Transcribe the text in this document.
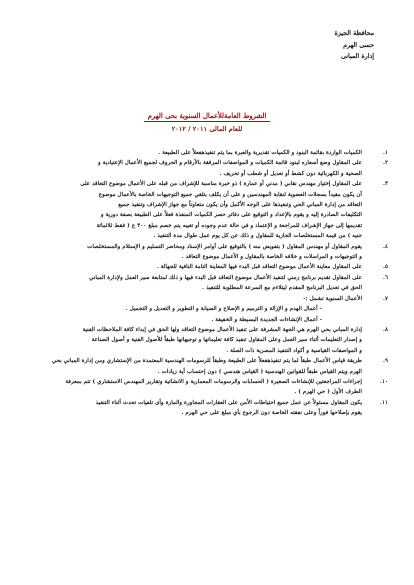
محافظة الجيزة
حسى الهرم
إدارة المبانى
الشروط العامةللأعمال السنوية بحى الهرم
للعام المالى ٢٠١١ / ٢٠١٢
١.
الكميات الواردة بقائمة البنود و الكميات تقديرية والعبرة بما يتم تنفيذهفعلاً على الطبيعة .
٢.
على المقاول وضع أسعاره لبنود قائمة الكميات و المواصفات المرفقة بالأرقام و الحروف لجميع الأعمال الإعتيادية و
الصحية و الكهربائية دون كشط أو تعديل أو شطب أو تحريف .
٣.
على المقاول إختيار مهندس نقابي ( مدني أو عمارة ) ذو خبرة مناسبة للإشراف من قبله على الأعمال موضوع التعاقد على
أن يكون مقيداً بسجلات العضوية لنقابة المهندسين و على أن يكلف بتلقي جميع التوجيهات الخاصة بالأعمال موضوع
التعاقد من إدارة المباني الحي وتنفيذها على الوجه الأكمل وأن يكون متعاوناً مع جهاز الإشراف وتنفيذ جميع
التكليفات الصادرة إليه و يقوم بالإعداد و التوقيع على دفاتر حصر الكميات المنفذة فعلاً على الطبيعة بصفة دورية و
تقديمها إلى جهاز الإشراف للمراجعة و الإعتماد و في حالة عدم وجوده أو تغيبه يتم خصم مبلغ ٣٠٠ ج ( فقط ثلاثمائة
جنيه ) من قيمة المستخلصات الجارية للمقاول و ذلك عن كل يوم عمل طوال مدة التنفيذ .
٤.
يقوم المقاول أو مهندس المقاول ( بتفويض منه ) بالتوقيع على أوامر الإسناد ومحاضر التسليم و الإستلام والمستخلصات
و التوجيهات و المراسلات و خلافه الخاصة بالمقاول و الأعمال موضوع التعاقد .
٥.
على المقاول معاينة الأعمال موضوع التعاقد قبل البدء فيها المعاينة التامة النافية للجهالة .
٦.
على المقاول تقديم برنامج زمني لتنفيذ الأعمال موضوع التعاقد قبل البدء فيها و ذلك لمتابعة سير العمل ولإدارة المباني
الحق في تعديل البرنامج المقدم ليتلاءم مع السرعة المطلوبة للتنفيذ .
٧.
الأعمال السنوية تشمل :-
- أعمال الهدم و الإزالة و الترميم و الإصلاح و الصيانة و التطوير و التعديل و التجميل .
- أعمال الإنشاءات الجديدة البسيطة و الخفيفة .
٨.
إدارة المباني بحي الهرم هي الجهة المشرفة على تنفيذ الأعمال موضوع التعاقد ولها الحق في إبداء كافة الملاحظات الفنية
و إصدار التعليمات أثناء سير العمل وعلى المقاول تنفيذ كافة تعليماتها و توجيهاتها طبقاً للأصول الفنية و أصول الصناعة
و المواصفات القياسية و أكواد التنفيذ المصرية ذات الصلة .
٩.
طريقة قياس الأعمال طبقاً لما يتم تنفيذهفعلاً على الطبيعة وطبقاً للرسومات الهندسية المعتمدة من الإستشاري ومن إدارة المباني بحي
الهرم ويتم القياس طبقاً للقوانين الهندسية ( القياس هندسي ) دون إحتساب أية زيادات .
١٠.
إجراءات المراجعتين للإنشاءات الصغيرة ( الحسابات والرسومات المعمارية و الانشائية وتقارير المهندس الاستشاري ) تتم بمعرفة
الطرف الأول ( حي الهرم ) .
١١.
يكون المقاول مسئولاً عن عمل جميع احتياطات الأمن على العقارات المجاورة والمارة وأى تلفيات تحدث أثناء التنفيذ
يقوم بإصلاحها فوراً وعلى نفقته الخاصة دون الرجوع بأي مبلغ على حي الهرم .
